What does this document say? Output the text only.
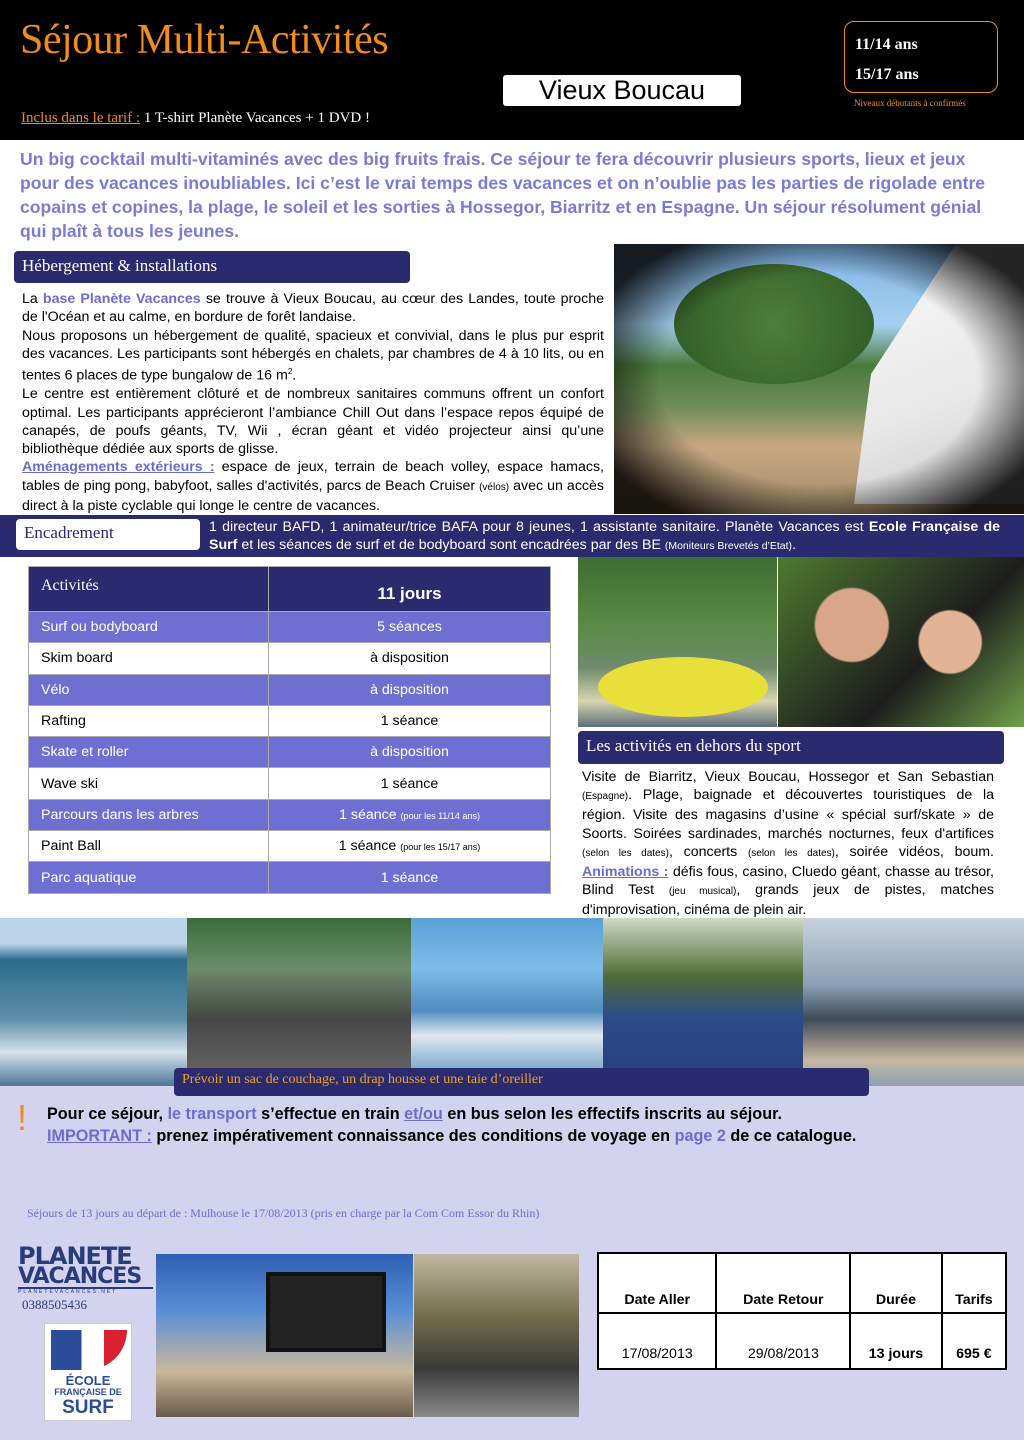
Séjour Multi-Activités
Vieux Boucau
11/14 ans
15/17 ans
Niveaux débutants à confirmés
Inclus dans le tarif : 1 T-shirt Planète Vacances + 1 DVD !
Un big cocktail multi-vitaminés avec des big fruits frais. Ce séjour te fera découvrir plusieurs sports, lieux et jeux pour des vacances inoubliables. Ici c’est le vrai temps des vacances et on n’oublie pas les parties de rigolade entre copains et copines, la plage, le soleil et les sorties à Hossegor, Biarritz et en Espagne. Un séjour résolument génial qui plaît à tous les jeunes.
Hébergement & installations
La base Planète Vacances se trouve à Vieux Boucau, au cœur des Landes, toute proche de l'Océan et au calme, en bordure de forêt landaise.
Nous proposons un hébergement de qualité, spacieux et convivial, dans le plus pur esprit des vacances. Les participants sont hébergés en chalets, par chambres de 4 à 10 lits, ou en tentes 6 places de type bungalow de 16 $m^2$.
Le centre est entièrement clôturé et de nombreux sanitaires communs offrent un confort optimal. Les participants apprécieront l’ambiance Chill Out dans l’espace repos équipé de canapés, de poufs géants, TV, Wii , écran géant et vidéo projecteur ainsi qu’une bibliothèque dédiée aux sports de glisse.
Aménagements extérieurs : espace de jeux, terrain de beach volley, espace hamacs, tables de ping pong, babyfoot, salles d'activités, parcs de Beach Cruiser (vélos) avec un accès direct à la piste cyclable qui longe le centre de vacances.
Encadrement	1 directeur BAFD, 1 animateur/trice BAFA pour 8 jeunes, 1 assistante sanitaire. Planète Vacances est Ecole Française de Surf et les séances de surf et de bodyboard sont encadrées par des BE (Moniteurs Brevetés d’Etat).
Activités	11 jours
Surf ou bodyboard	5 séances
Skim board	à disposition
Vélo	à disposition
Rafting	1 séance
Skate et roller	à disposition
Wave ski	1 séance
Parcours dans les arbres	1 séance (pour les 11/14 ans)
Paint Ball	1 séance (pour les 15/17 ans)
Parc aquatique	1 séance
Les activités en dehors du sport
Visite de Biarritz, Vieux Boucau, Hossegor et San Sebastian (Espagne). Plage, baignade et découvertes touristiques de la région. Visite des magasins d’usine « spécial surf/skate » de Soorts. Soirées sardinades, marchés nocturnes, feux d'artifices (selon les dates), concerts (selon les dates), soirée vidéos, boum. Animations : défis fous, casino, Cluedo géant, chasse au trésor, Blind Test (jeu musical), grands jeux de pistes, matches d'improvisation, cinéma de plein air.
Prévoir un sac de couchage, un drap housse et une taie d’oreiller
! Pour ce séjour, le transport s’effectue en train et/ou en bus selon les effectifs inscrits au séjour.
IMPORTANT : prenez impérativement connaissance des conditions de voyage en page 2 de ce catalogue.
Séjours de 13 jours au départ de : Mulhouse le 17/08/2013 (pris en charge par la Com Com Essor du Rhin)
PLANETE
VACANCES
PLANETEVACANCES.NET
0388505436
ÉCOLE
FRANÇAISE DE
SURF
Date Aller	Date Retour	Durée	Tarifs
17/08/2013	29/08/2013	13 jours	695 €
